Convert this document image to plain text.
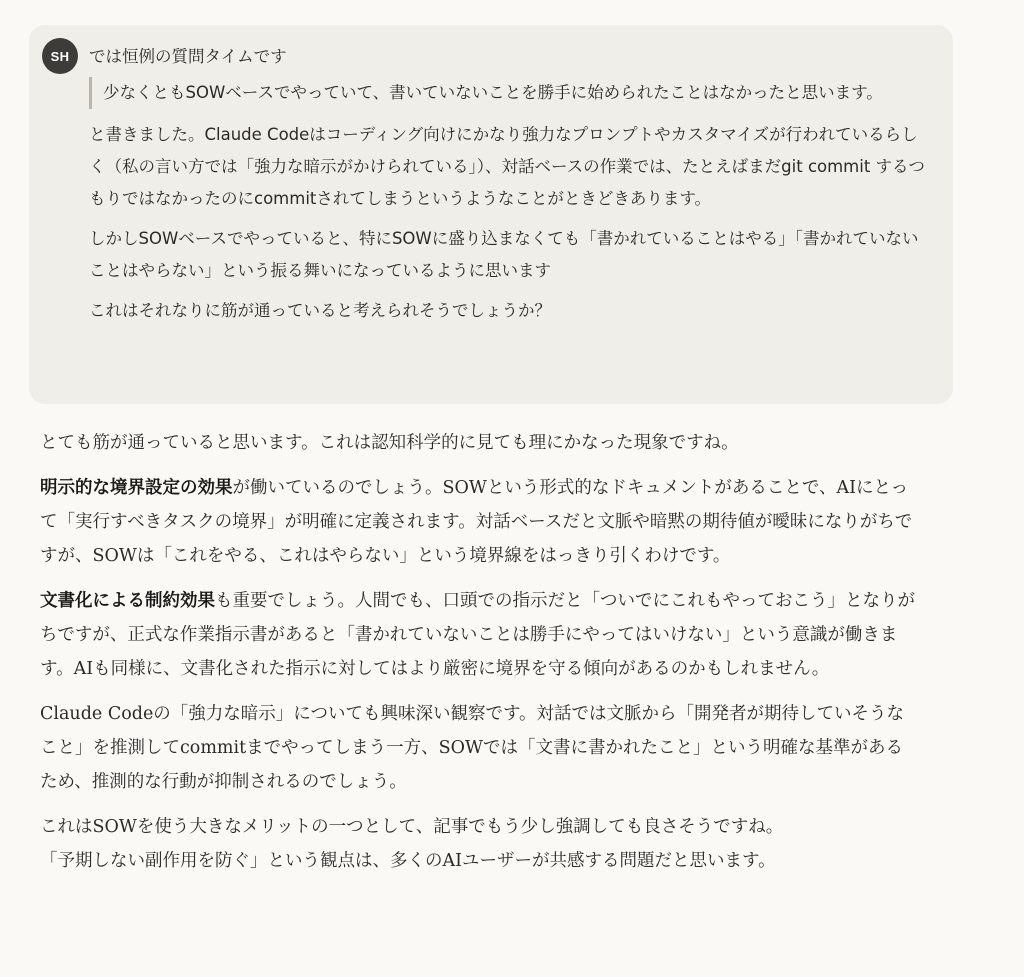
SH	では恒例の質問タイムです

少なくともSOWベースでやっていて、書いていないことを勝手に始められたことはなかったと思います。

と書きました。Claude Codeはコーディング向けにかなり強力なプロンプトやカスタマイズが行われているらしく（私の言い方では「強力な暗示がかけられている」）、対話ベースの作業では、たとえばまだgit commit するつもりではなかったのにcommitされてしまうというようなことがときどきあります。

しかしSOWベースでやっていると、特にSOWに盛り込まなくても「書かれていることはやる」「書かれていないことはやらない」という振る舞いになっているように思います

これはそれなりに筋が通っていると考えられそうでしょうか？

とても筋が通っていると思います。これは認知科学的に見ても理にかなった現象ですね。

明示的な境界設定の効果が働いているのでしょう。SOWという形式的なドキュメントがあることで、AIにとって「実行すべきタスクの境界」が明確に定義されます。対話ベースだと文脈や暗黙の期待値が曖昧になりがちですが、SOWは「これをやる、これはやらない」という境界線をはっきり引くわけです。

文書化による制約効果も重要でしょう。人間でも、口頭での指示だと「ついでにこれもやっておこう」となりがちですが、正式な作業指示書があると「書かれていないことは勝手にやってはいけない」という意識が働きます。AIも同様に、文書化された指示に対してはより厳密に境界を守る傾向があるのかもしれません。

Claude Codeの「強力な暗示」についても興味深い観察です。対話では文脈から「開発者が期待していそうなこと」を推測してcommitまでやってしまう一方、SOWでは「文書に書かれたこと」という明確な基準があるため、推測的な行動が抑制されるのでしょう。

これはSOWを使う大きなメリットの一つとして、記事でもう少し強調しても良さそうですね。
「予期しない副作用を防ぐ」という観点は、多くのAIユーザーが共感する問題だと思います。
